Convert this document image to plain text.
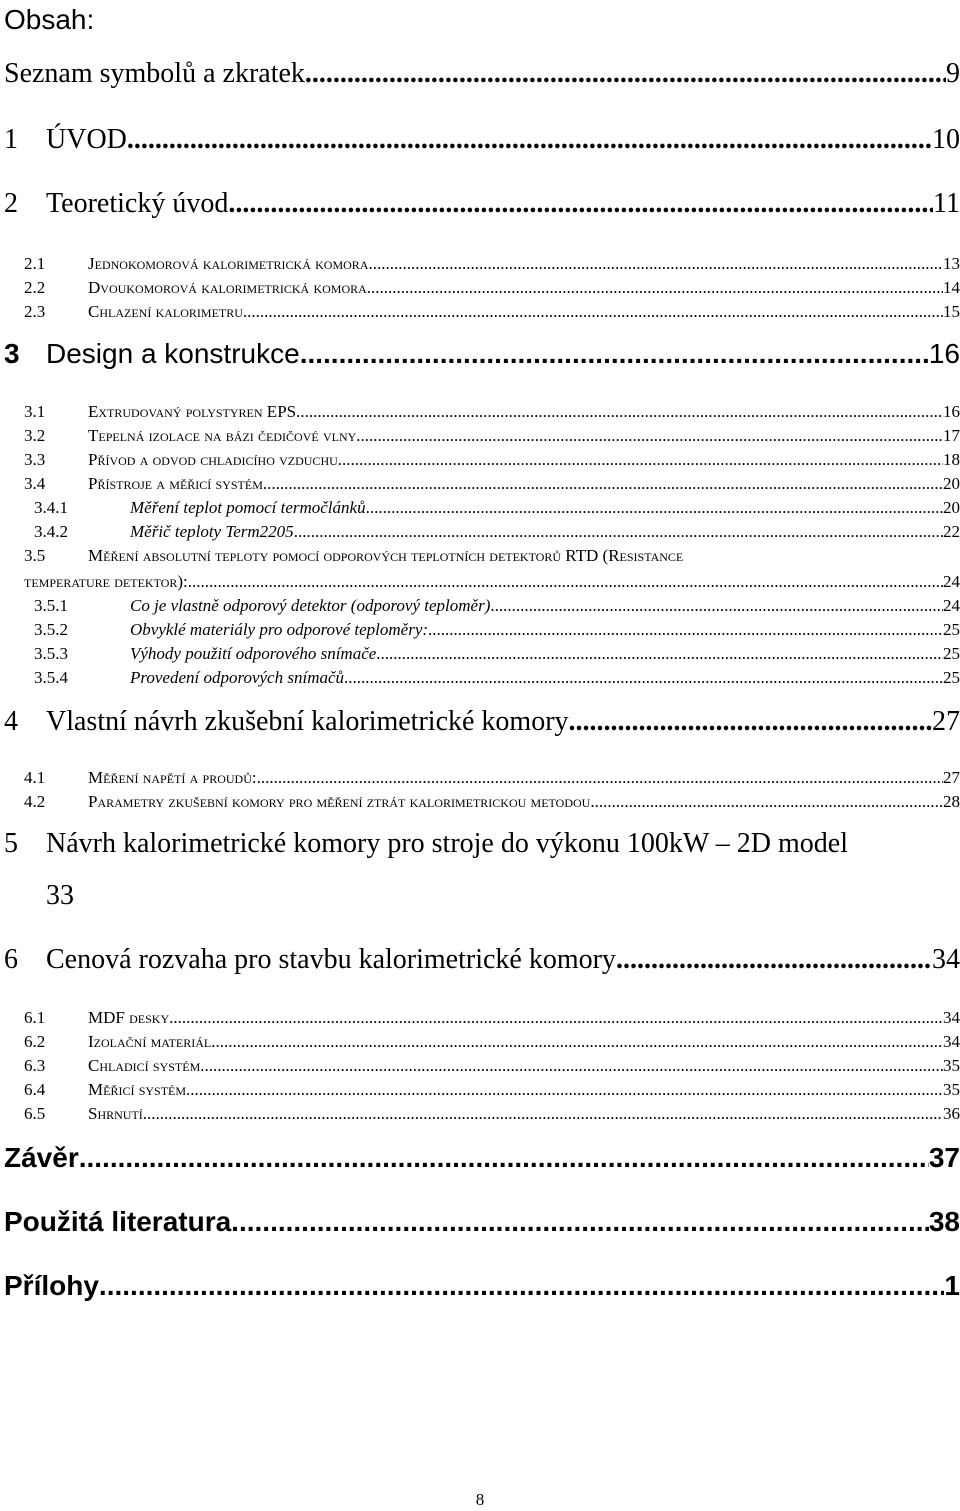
Obsah:
Seznam symbolů a zkratek .....	9
1	ÚVOD .....	10
2	Teoretický úvod .....	11
2.1	Jednokomorová kalorimetrická komora .....	13
2.2	Dvoukomorová kalorimetrická komora .....	14
2.3	Chlazení kalorimetru .....	15
3 Design a konstrukce .....	16
3.1	Extrudovaný polystyren EPS .....	16
3.2	Tepelná izolace na bázi čedičové vlny .....	17
3.3	Přívod a odvod chladicího vzduchu .....	18
3.4	Přístroje a měřicí systém .....	20
3.4.1	Měření teplot pomocí termočlánků .....	20
3.4.2	Měřič teploty Term2205 .....	22
3.5	Měření absolutní teploty pomocí odporových teplotních detektorů RTD (Resistance
temperature detektor): .....	24
3.5.1	Co je vlastně odporový detektor (odporový teploměr) .....	24
3.5.2	Obvyklé materiály pro odporové teploměry: .....	25
3.5.3	Výhody použití odporového snímače .....	25
3.5.4	Provedení odporových snímačů .....	25
4	Vlastní návrh zkušební kalorimetrické komory .....	27
4.1	Měření napětí a proudů: .....	27
4.2	Parametry zkušební komory pro měření ztrát kalorimetrickou metodou .....	28
5 Návrh kalorimetrické komory pro stroje do výkonu 100kW – 2D model
33
6	Cenová rozvaha pro stavbu kalorimetrické komory .....	34
6.1	MDF desky .....	34
6.2	Izolační materiál .....	34
6.3	Chladicí systém .....	35
6.4	Měřicí systém .....	35
6.5	Shrnutí .....	36
Závěr .....	37
Použitá literatura .....	38
Přílohy .....	1
8
